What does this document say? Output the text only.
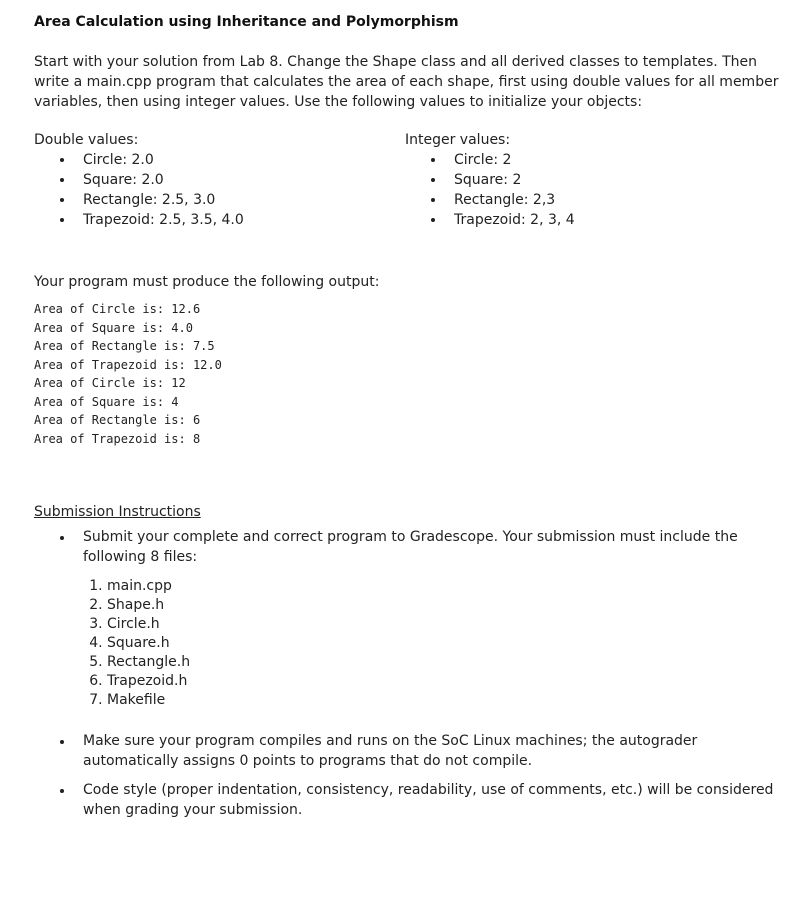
Area Calculation using Inheritance and Polymorphism

Start with your solution from Lab 8. Change the Shape class and all derived classes to templates. Then write a main.cpp program that calculates the area of each shape, first using double values for all member variables, then using integer values. Use the following values to initialize your objects:

Double values:
Circle: 2.0
Square: 2.0
Rectangle: 2.5, 3.0
Trapezoid: 2.5, 3.5, 4.0
Integer values:
Circle: 2
Square: 2
Rectangle: 2,3
Trapezoid: 2, 3, 4
Your program must produce the following output:
Area of Circle is: 12.6
Area of Square is: 4.0
Area of Rectangle is: 7.5
Area of Trapezoid is: 12.0
Area of Circle is: 12
Area of Square is: 4
Area of Rectangle is: 6
Area of Trapezoid is: 8
Submission Instructions
Submit your complete and correct program to Gradescope. Your submission must include the following 8 files:
1. main.cpp
2. Shape.h
3. Circle.h
4. Square.h
5. Rectangle.h
6. Trapezoid.h
7. Makefile
Make sure your program compiles and runs on the SoC Linux machines; the autograder automatically assigns 0 points to programs that do not compile.
Code style (proper indentation, consistency, readability, use of comments, etc.) will be considered when grading your submission.
